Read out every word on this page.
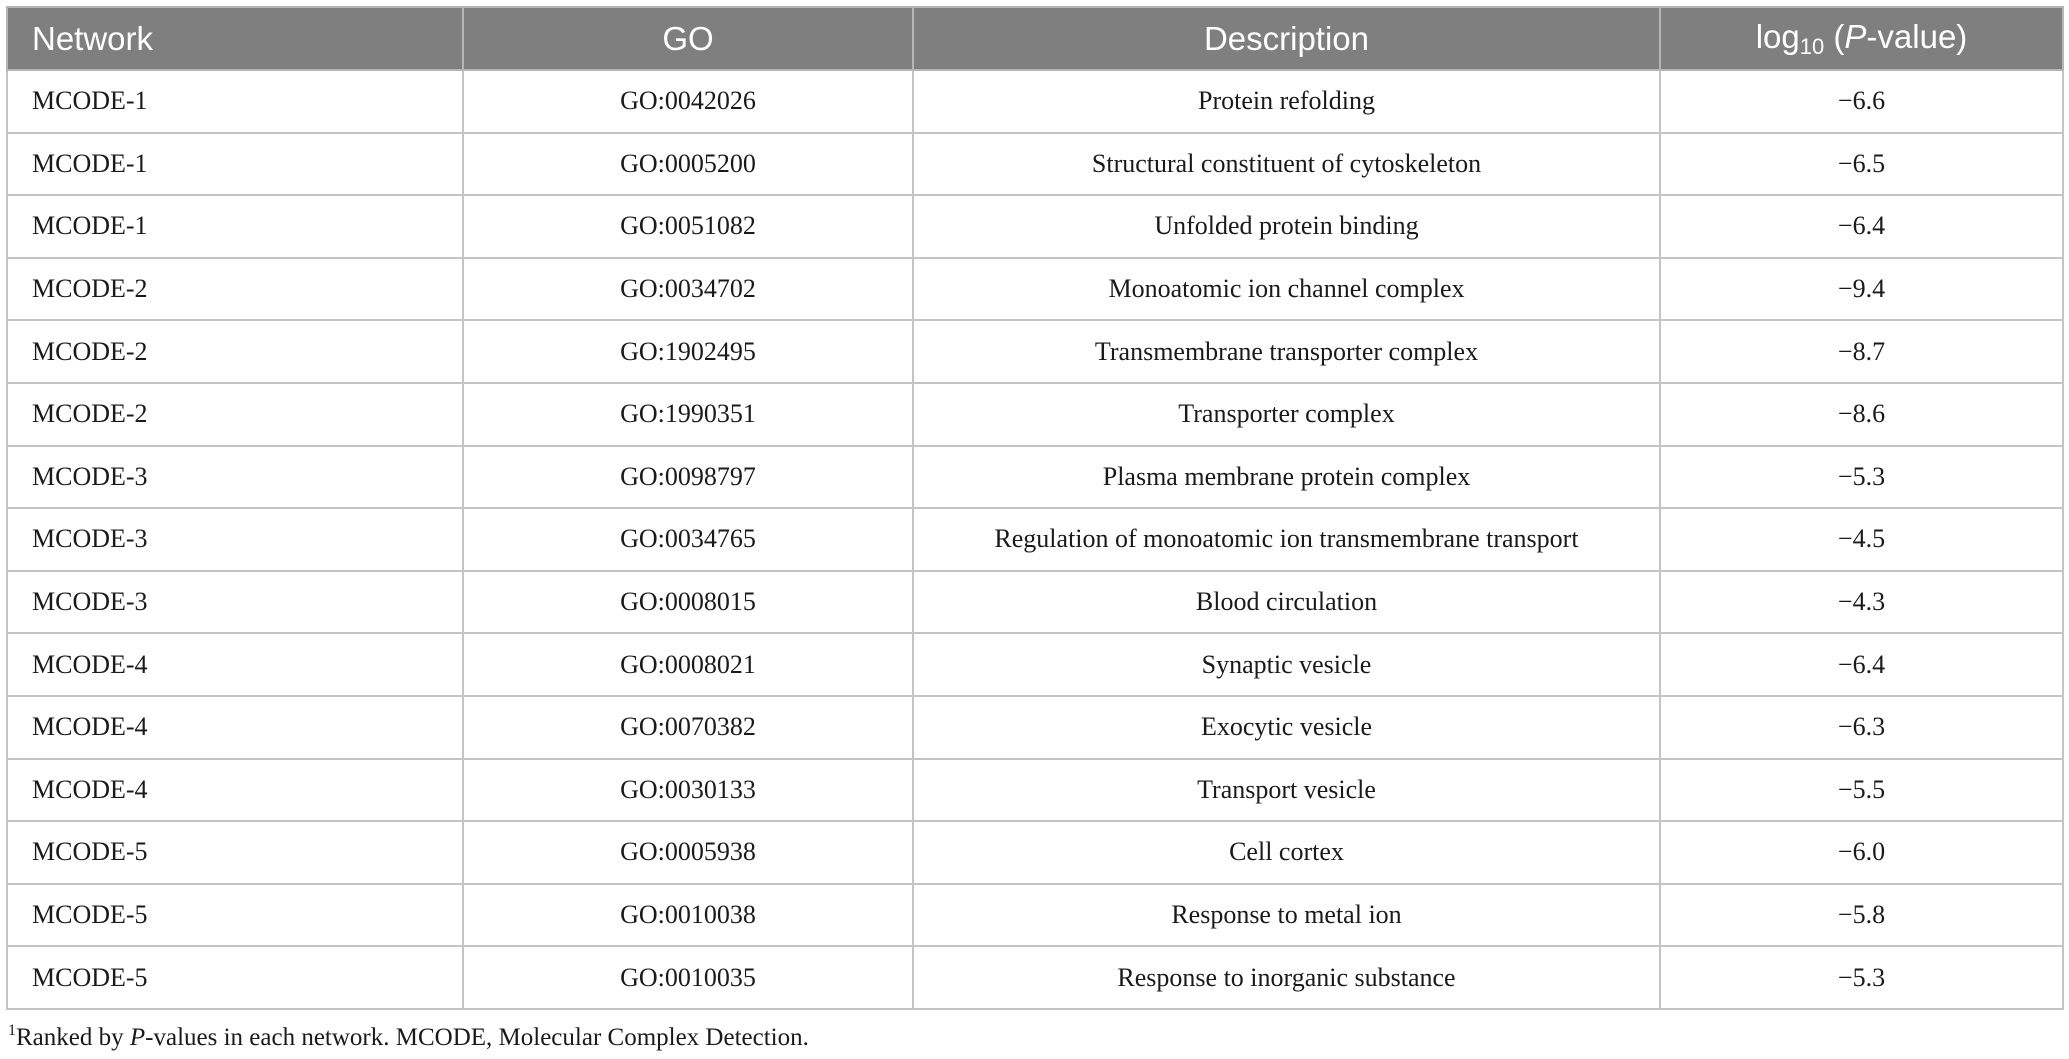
Network	GO	Description	$\log_{10}$ (P-value)
MCODE-1	GO:0042026	Protein refolding	−6.6
MCODE-1	GO:0005200	Structural constituent of cytoskeleton	−6.5
MCODE-1	GO:0051082	Unfolded protein binding	−6.4
MCODE-2	GO:0034702	Monoatomic ion channel complex	−9.4
MCODE-2	GO:1902495	Transmembrane transporter complex	−8.7
MCODE-2	GO:1990351	Transporter complex	−8.6
MCODE-3	GO:0098797	Plasma membrane protein complex	−5.3
MCODE-3	GO:0034765	Regulation of monoatomic ion transmembrane transport	−4.5
MCODE-3	GO:0008015	Blood circulation	−4.3
MCODE-4	GO:0008021	Synaptic vesicle	−6.4
MCODE-4	GO:0070382	Exocytic vesicle	−6.3
MCODE-4	GO:0030133	Transport vesicle	−5.5
MCODE-5	GO:0005938	Cell cortex	−6.0
MCODE-5	GO:0010038	Response to metal ion	−5.8
MCODE-5	GO:0010035	Response to inorganic substance	−5.3
$^1$Ranked by P-values in each network. MCODE, Molecular Complex Detection.
